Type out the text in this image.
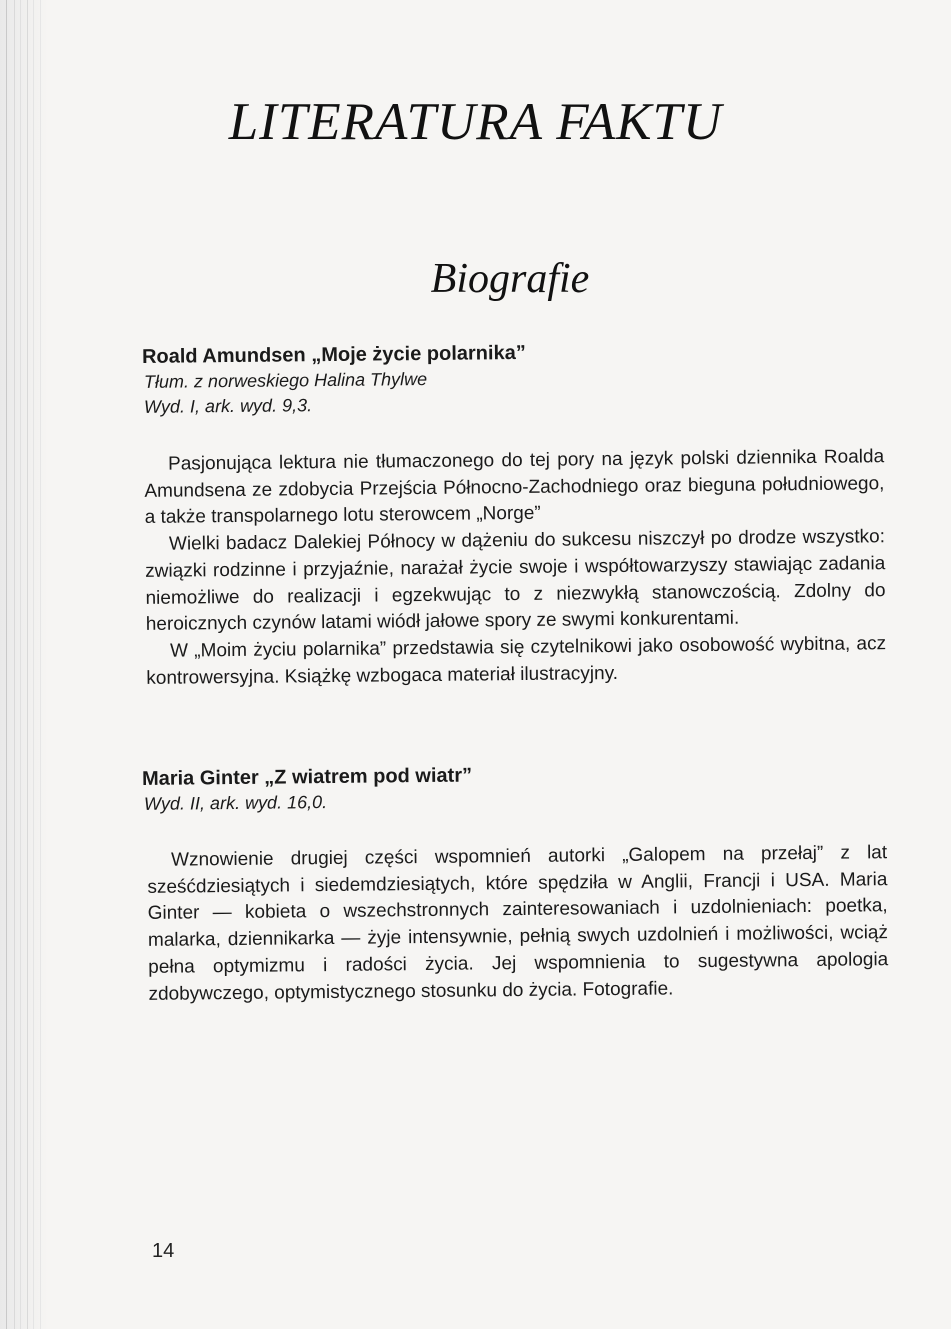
LITERATURA FAKTU
Biografie
Roald Amundsen „Moje życie polarnika”
Tłum. z norweskiego Halina Thylwe
Wyd. I, ark. wyd. 9,3.

Pasjonująca lektura nie tłumaczonego do tej pory na język polski dziennika Roalda Amundsena ze zdobycia Przejścia Północno-Zachodniego oraz bieguna południowego, a także transpolarnego lotu sterowcem „Norge”

Wielki badacz Dalekiej Północy w dążeniu do sukcesu niszczył po drodze wszystko: związki rodzinne i przyjaźnie, narażał życie swoje i współtowarzyszy stawiając zadania niemożliwe do realizacji i egzekwując to z niezwykłą stanowczością. Zdolny do heroicznych czynów latami wiódł jałowe spory ze swymi konkurentami.

W „Moim życiu polarnika” przedstawia się czytelnikowi jako osobowość wybitna, acz kontrowersyjna. Książkę wzbogaca materiał ilustracyjny.

Maria Ginter „Z wiatrem pod wiatr”
Wyd. II, ark. wyd. 16,0.

Wznowienie drugiej części wspomnień autorki „Galopem na przełaj” z lat sześćdziesiątych i siedemdziesiątych, które spędziła w Anglii, Francji i USA. Maria Ginter — kobieta o wszechstronnych zainteresowaniach i uzdolnieniach: poetka, malarka, dziennikarka — żyje intensywnie, pełnią swych uzdolnień i możliwości, wciąż pełna optymizmu i radości życia. Jej wspomnienia to sugestywna apologia zdobywczego, optymistycznego stosunku do życia. Fotografie.

14
